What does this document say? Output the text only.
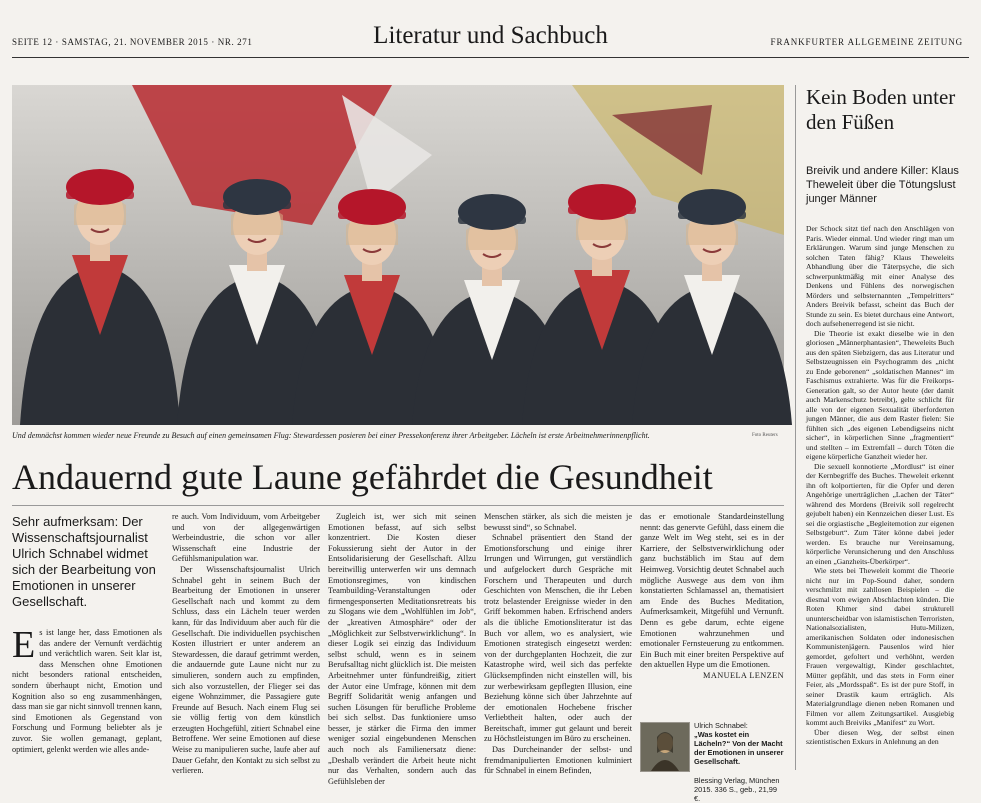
SEITE 12 · SAMSTAG, 21. NOVEMBER 2015 · NR. 271	Literatur und Sachbuch	FRANKFURTER ALLGEMEINE ZEITUNG
Und demnächst kommen wieder neue Freunde zu Besuch auf einen gemeinsamen Flug: Stewardessen posieren bei einer Pressekonferenz ihrer Arbeitgeber. Lächeln ist erste Arbeitnehmerinnenpflicht.	Foto Reuters
Andauernd gute Laune gefährdet die Gesundheit
Sehr aufmerksam: Der Wissenschaftsjournalist Ulrich Schnabel widmet sich der Bearbeitung von Emotionen in unserer Gesellschaft.
Es ist lange her, dass Emotionen als das andere der Vernunft verdächtig und verächtlich waren. Seit klar ist, dass Menschen ohne Emotionen nicht besonders rational entscheiden, sondern überhaupt nicht, Emotion und Kognition also so eng zusammenhängen, dass man sie gar nicht sinnvoll trennen kann, sind Emotionen als Gegenstand von Forschung und Formung beliebter als je zuvor. Sie wollen gemanagt, geplant, optimiert, gelenkt werden wie alles ande-

re auch. Vom Individuum, vom Arbeitgeber und von der allgegenwärtigen Werbeindustrie, die schon vor aller Wissenschaft eine Industrie der Gefühlsmanipulation war.

Der Wissenschaftsjournalist Ulrich Schnabel geht in seinem Buch der Bearbeitung der Emotionen in unserer Gesellschaft nach und kommt zu dem Schluss, dass ein Lächeln teuer werden kann, für das Individuum aber auch für die Gesellschaft. Die individuellen psychischen Kosten illustriert er unter anderem an Stewardessen, die darauf getrimmt werden, die andauernde gute Laune nicht nur zu simulieren, sondern auch zu empfinden, sich also vorzustellen, der Flieger sei das eigene Wohnzimmer, die Passagiere gute Freunde auf Besuch. Nach einem Flug sei sie völlig fertig von dem künstlich erzeugten Hochgefühl, zitiert Schnabel eine Betroffene. Wer seine Emotionen auf diese Weise zu manipulieren suche, laufe aber auf Dauer Gefahr, den Kontakt zu sich selbst zu verlieren.

Zugleich ist, wer sich mit seinen Emotionen befasst, auf sich selbst konzentriert. Die Kosten dieser Fokussierung sieht der Autor in der Entsolidarisierung der Gesellschaft. Allzu bereitwillig unterwerfen wir uns demnach Emotionsregimes, von kindischen Teambuilding-Veranstaltungen oder firmengesponserten Meditationsretreats bis zu Slogans wie dem „Wohlfühlen im Job“, der „kreativen Atmosphäre“ oder der „Möglichkeit zur Selbstverwirklichung“. In dieser Logik sei einzig das Individuum selbst schuld, wenn es in seinem Berufsalltag nicht glücklich ist. Die meisten Arbeitnehmer unter fünfundreißig, zitiert der Autor eine Umfrage, können mit dem Begriff Solidarität wenig anfangen und suchen Lösungen für berufliche Probleme bei sich selbst. Das funktioniere umso besser, je stärker die Firma den immer weniger sozial eingebundenen Menschen auch noch als Familienersatz diene: „Deshalb verändert die Arbeit heute nicht nur das Verhalten, sondern auch das Gefühlsleben der

Menschen stärker, als sich die meisten je bewusst sind“, so Schnabel.

Schnabel präsentiert den Stand der Emotionsforschung und einige ihrer Irrungen und Wirrungen, gut verständlich und aufgelockert durch Gespräche mit Forschern und Therapeuten und durch Geschichten von Menschen, die ihr Leben trotz belastender Ereignisse wieder in den Griff bekommen haben. Erfrischend anders als die übliche Emotionsliteratur ist das Buch vor allem, wo es analysiert, wie Emotionen strategisch eingesetzt werden: von der durchgeplanten Hochzeit, die zur Katastrophe wird, weil sich das perfekte Glücksempfinden nicht einstellen will, bis zur werbewirksam gepflegten Illusion, eine Beziehung könne sich über Jahrzehnte auf der emotionalen Hochebene frischer Verliebtheit halten, oder auch der Bereitschaft, immer gut gelaunt und bereit zu Höchstleistungen im Büro zu erscheinen.

Das Durcheinander der selbst- und fremdmanipulierten Emotionen kulminiert für Schnabel in einem Befinden,

das er emotionale Standardeinstellung nennt: das genervte Gefühl, dass einem die ganze Welt im Weg steht, sei es in der Karriere, der Selbstverwirklichung oder ganz buchstäblich im Stau auf dem Heimweg. Vorsichtig deutet Schnabel auch mögliche Auswege aus dem von ihm konstatierten Schlamassel an, thematisiert am Ende des Buches Meditation, Aufmerksamkeit, Mitgefühl und Vernunft. Denn es gebe darum, echte eigene Emotionen wahrzunehmen und emotionaler Fernsteuerung zu entkommen. Ein Buch mit einer breiten Perspektive auf den aktuellen Hype um die Emotionen.

MANUELA LENZEN
Ulrich Schnabel:
„Was kostet ein Lächeln?“ Von der Macht der Emotionen in unserer Gesellschaft.
Blessing Verlag, München 2015. 336 S., geb., 21,99 €.
Kein Boden unter den Füßen
Breivik und andere Killer: Klaus Theweleit über die Tötungslust junger Männer

Der Schock sitzt tief nach den Anschlägen von Paris. Wieder einmal. Und wieder ringt man um Erklärungen. Warum sind junge Menschen zu solchen Taten fähig? Klaus Theweleits Abhandlung über die Täterpsyche, die sich schwerpunktmäßig mit einer Analyse des Denkens und Fühlens des norwegischen Mörders und selbsternannten „Tempelritters“ Anders Breivik befasst, scheint das Buch der Stunde zu sein. Es bietet durchaus eine Antwort, doch aufsehenerregend ist sie nicht.

Die Theorie ist exakt dieselbe wie in den gloriosen „Männerphantasien“, Theweleits Buch aus den späten Siebzigern, das aus Literatur und Selbstzeugnissen ein Psychogramm des „nicht zu Ende geborenen“ „soldatischen Mannes“ im Faschismus extrahierte. Was für die Freikorps-Generation galt, so der Autor heute (der damit auch Markenschutz betreibt), gelte schlicht für alle von der eigenen Sexualität überforderten jungen Männer, die aus dem Raster fielen: Sie fühlten sich „des eigenen Lebendigseins nicht sicher“, in körperlichen Sinne „fragmentiert“ und stellten – im Extremfall – durch Töten die eigene körperliche Ganzheit wieder her.

Die sexuell konnotierte „Mordlust“ ist einer der Kernbegriffe des Buches. Theweleit erkennt ihn oft kolportierten, für die Opfer und deren Angehörige unerträglichen „Lachen der Täter“ während des Mordens (Breivik soll regelrecht gejubelt haben) ein Kennzeichen dieser Lust. Es sei die orgiastische „Begleitemotion zur eigenen Selbstgeburt“. Zum Täter könne dabei jeder werden. Es brauche nur Vereinsamung, körperliche Verunsicherung und den Anschluss an einen „Ganzheits-Überkörper“.

Wie stets bei Theweleit kommt die Theorie nicht nur im Pop-Sound daher, sondern verschmilzt mit zahllosen Beispielen – die diesmal vom ewigen Abschlachten künden. Die Roten Khmer sind dabei strukturell ununterscheidbar von islamistischen Terroristen, Nationalsozialisten, Hutu-Milizen, amerikanischen Soldaten oder indonesischen Kommunistenjägern. Pausenlos wird hier gemordet, gefoltert und verhöhnt, werden Frauen vergewaltigt, Kinder geschlachtet, Mütter gepfählt, und das stets in Form einer Feier, als „Mordsspaß“. Es ist der pure Stoff, in seiner Drastik kaum erträglich. Als Materialgrundlage dienen neben Romanen und Filmen vor allem Zeitungsartikel. Ausgiebig kommt auch Breiviks „Manifest“ zu Wort.

Über diesen Weg, der selbst einen szientistischen Exkurs in Anlehnung an den
